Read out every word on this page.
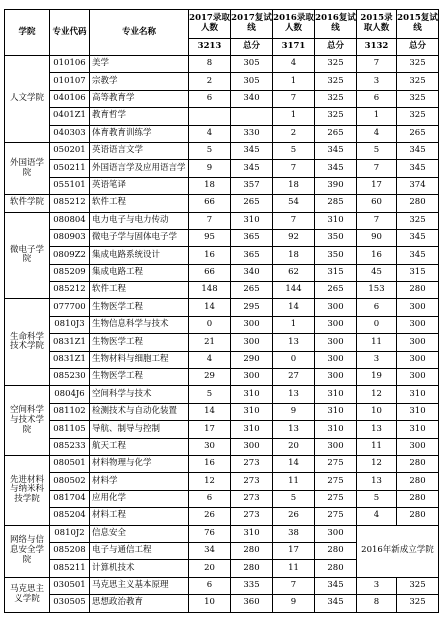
学院	专业代码	专业名称	2017录取人数	2017复试线	2016录取人数	2016复试线	2015录取人数	2015复试线
			3213	总分	3171	总分	3132	总分
人文学院	010106	美学	8	305	4	325	7	325
	010107	宗教学	2	305	1	325	3	325
	040106	高等教育学	6	340	7	325	6	325
	0401Z1	教育哲学			1	325	1	325
	040303	体育教育训练学	4	330	2	265	4	265
外国语学院	050201	英语语言文学	5	345	5	345	5	345
	050211	外国语言学及应用语言学	9	345	7	345	7	345
	055101	英语笔译	18	357	18	390	17	374
软件学院	085212	软件工程	66	265	54	285	60	280
微电子学院	080804	电力电子与电力传动	7	310	7	310	7	325
	080903	微电子学与固体电子学	95	365	92	350	90	345
	0809Z2	集成电路系统设计	16	365	18	350	16	345
	085209	集成电路工程	66	340	62	315	45	315
	085212	软件工程	148	265	144	265	153	280
生命科学技术学院	077700	生物医学工程	14	295	14	300	6	300
	0810J3	生物信息科学与技术	0	300	1	300	0	300
	0831Z1	生物医学工程	21	300	13	300	11	300
	0831Z1	生物材料与细胞工程	4	290	0	300	3	300
	085230	生物医学工程	29	300	27	300	19	300
空间科学与技术学院	0804J6	空间科学与技术	5	310	13	310	12	310
	081102	检测技术与自动化装置	14	310	9	310	10	310
	081105	导航、制导与控制	17	310	13	310	13	310
	085233	航天工程	30	300	20	300	11	300
先进材料与纳米科技学院	080501	材料物理与化学	16	273	14	275	12	280
	080502	材料学	12	273	11	275	13	280
	081704	应用化学	6	273	5	275	5	280
	085204	材料工程	26	273	26	275	4	280
网络与信息安全学院	0810J2	信息安全	76	310	38	300	2016年新成立学院	
	085208	电子与通信工程	34	280	17	280		
	085211	计算机技术	20	280	11	280		
马克思主义学院	030501	马克思主义基本原理	6	335	7	345	3	325
	030505	思想政治教育	10	360	9	345	8	325
